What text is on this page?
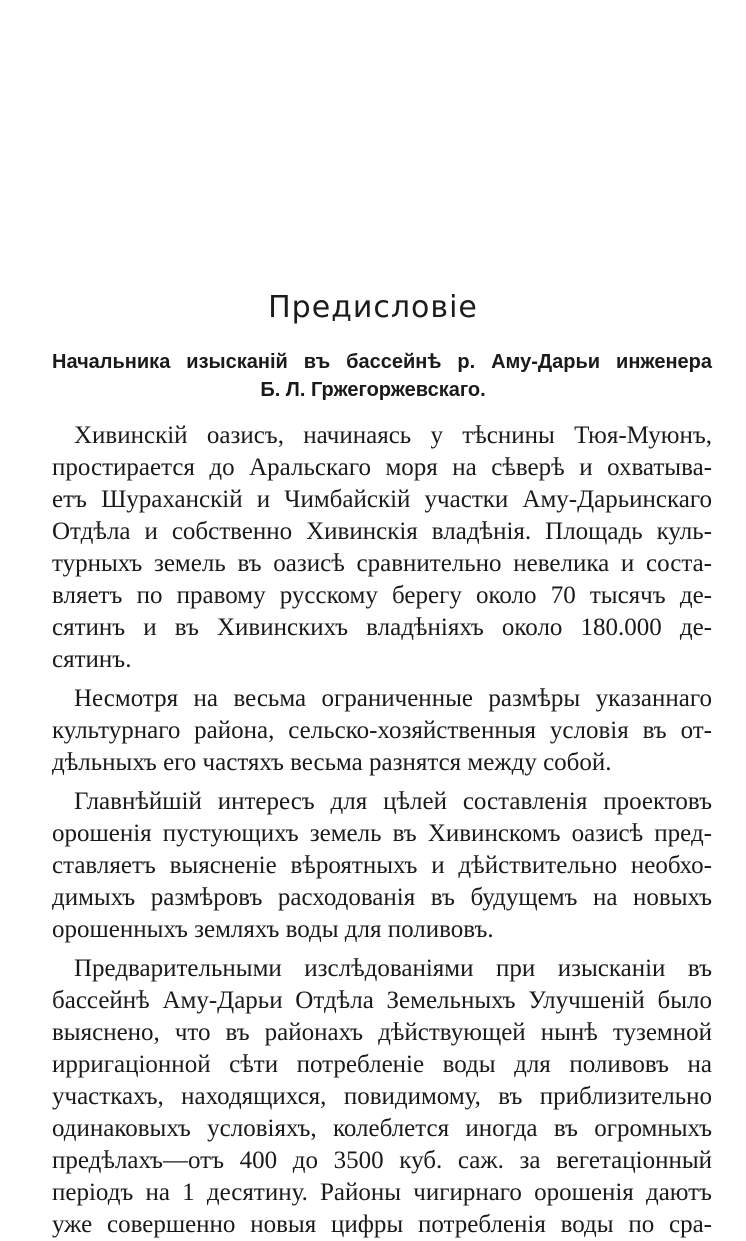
Предисловіе
Начальника изысканій въ бассейнѣ р. Аму-Дарьи инженера
Б. Л. Гржегоржевскаго.
Хивинскій оазисъ, начинаясь у тѣснины Тюя-Муюнъ,
простирается до Аральскаго моря на сѣверѣ и охватыва-
етъ Шураханскій и Чимбайскій участки Аму-Дарьинскаго
Отдѣла и собственно Хивинскія владѣнія. Площадь куль-
турныхъ земель въ оазисѣ сравнительно невелика и соста-
вляетъ по правому русскому берегу около 70 тысячъ де-
сятинъ и въ Хивинскихъ владѣніяхъ около 180.000 де-
сятинъ.
Несмотря на весьма ограниченные размѣры указаннаго
культурнаго района, сельско-хозяйственныя условія въ от-
дѣльныхъ его частяхъ весьма разнятся между собой.
Главнѣйшій интересъ для цѣлей составленія проектовъ
орошенія пустующихъ земель въ Хивинскомъ оазисѣ пред-
ставляетъ выясненіе вѣроятныхъ и дѣйствительно необхо-
димыхъ размѣровъ расходованія въ будущемъ на новыхъ
орошенныхъ земляхъ воды для поливовъ.
Предварительными изслѣдованіями при изысканіи въ
бассейнѣ Аму-Дарьи Отдѣла Земельныхъ Улучшеній было
выяснено, что въ районахъ дѣйствующей нынѣ туземной
ирригаціонной сѣти потребленіе воды для поливовъ на
участкахъ, находящихся, повидимому, въ приблизительно
одинаковыхъ условіяхъ, колеблется иногда въ огромныхъ
предѣлахъ—отъ 400 до 3500 куб. саж. за вегетаціонный
періодъ на 1 десятину. Районы чигирнаго орошенія даютъ
уже совершенно новыя цифры потребленія воды по сра-
